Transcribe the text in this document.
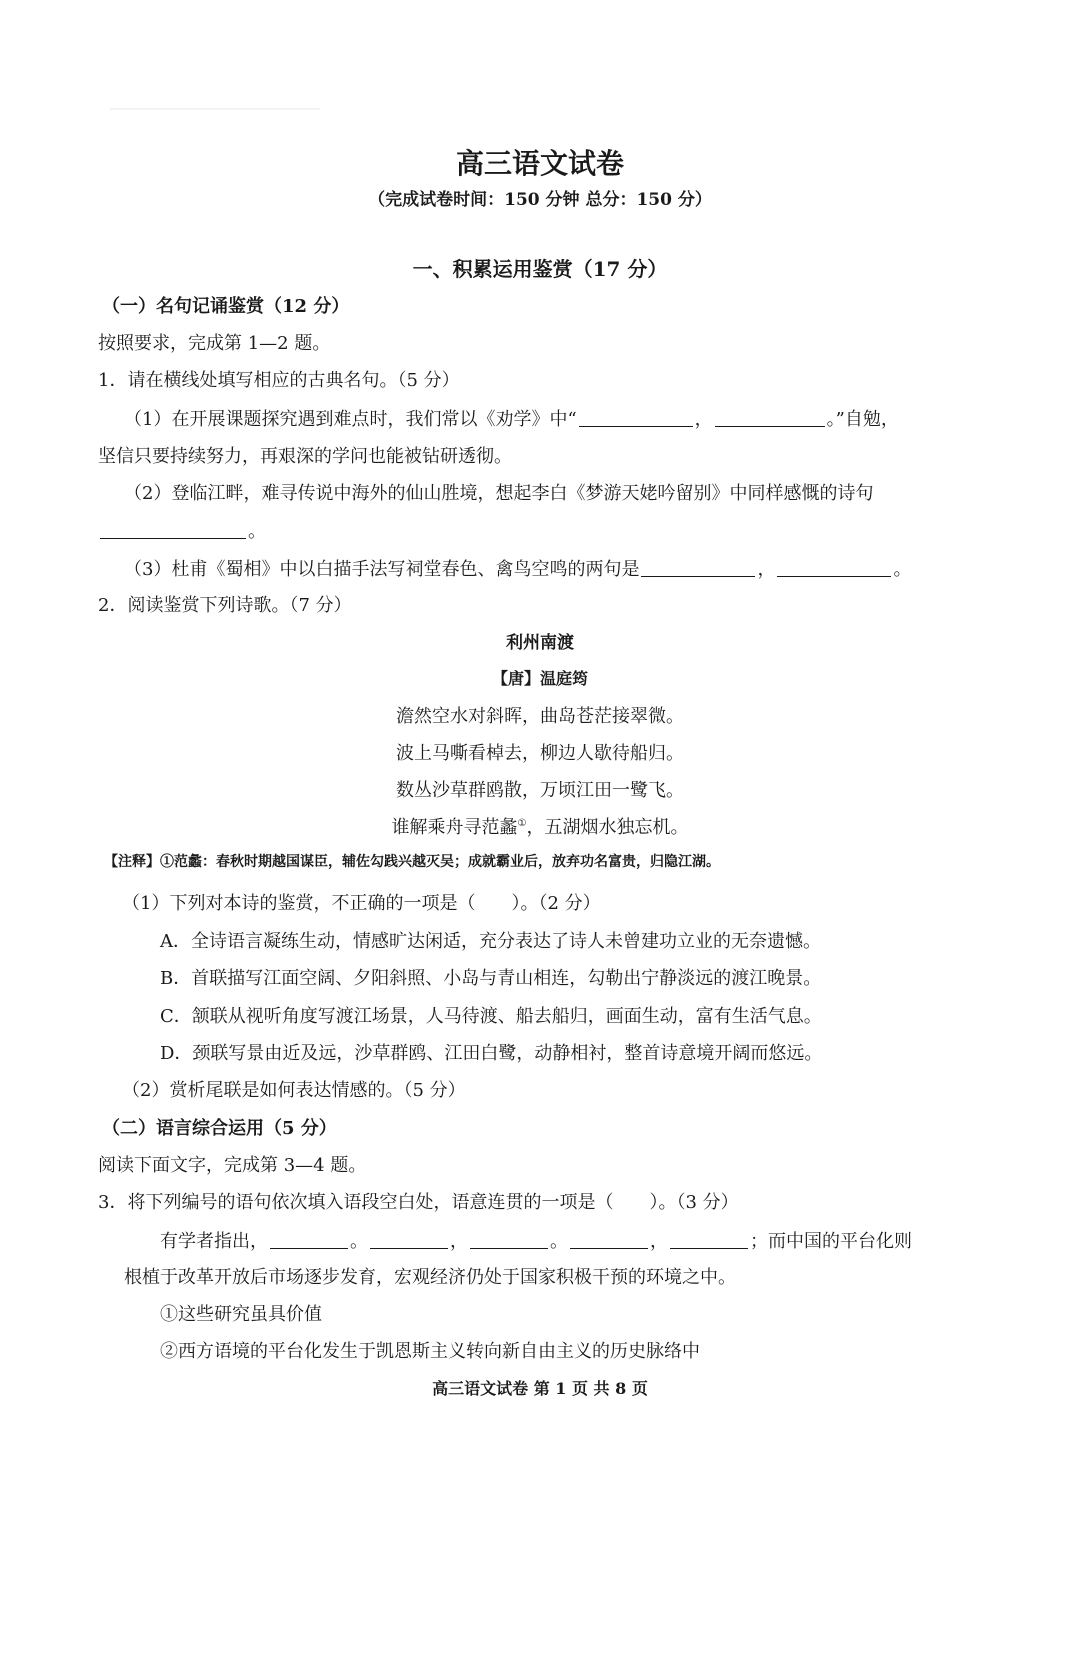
高三语文试卷
（完成试卷时间：150 分钟 总分：150 分）
一、积累运用鉴赏（17 分）
（一）名句记诵鉴赏（12 分）
按照要求，完成第 1—2 题。
1．请在横线处填写相应的古典名句。（5 分）
（1）在开展课题探究遇到难点时，我们常以《劝学》中“	，	。”自勉，
坚信只要持续努力，再艰深的学问也能被钻研透彻。
（2）登临江畔，难寻传说中海外的仙山胜境，想起李白《梦游天姥吟留别》中同样感慨的诗句
。
（3）杜甫《蜀相》中以白描手法写祠堂春色、禽鸟空鸣的两句是	，	。
2．阅读鉴赏下列诗歌。（7 分）
利州南渡
【唐】温庭筠
澹然空水对斜晖，曲岛苍茫接翠微。
波上马嘶看棹去，柳边人歇待船归。
数丛沙草群鸥散，万顷江田一鹭飞。
谁解乘舟寻范蠡①，五湖烟水独忘机。
【注释】①范蠡：春秋时期越国谋臣，辅佐勾践兴越灭吴；成就霸业后，放弃功名富贵，归隐江湖。
（1）下列对本诗的鉴赏，不正确的一项是（　　）。（2 分）
A．全诗语言凝练生动，情感旷达闲适，充分表达了诗人未曾建功立业的无奈遗憾。
B．首联描写江面空阔、夕阳斜照、小岛与青山相连，勾勒出宁静淡远的渡江晚景。
C．颔联从视听角度写渡江场景，人马待渡、船去船归，画面生动，富有生活气息。
D．颈联写景由近及远，沙草群鸥、江田白鹭，动静相衬，整首诗意境开阔而悠远。
（2）赏析尾联是如何表达情感的。（5 分）
（二）语言综合运用（5 分）
阅读下面文字，完成第 3—4 题。
3．将下列编号的语句依次填入语段空白处，语意连贯的一项是（　　）。（3 分）
有学者指出，	。	，	。	，	；而中国的平台化则
根植于改革开放后市场逐步发育，宏观经济仍处于国家积极干预的环境之中。
①这些研究虽具价值
②西方语境的平台化发生于凯恩斯主义转向新自由主义的历史脉络中
高三语文试卷 第 1 页 共 8 页
